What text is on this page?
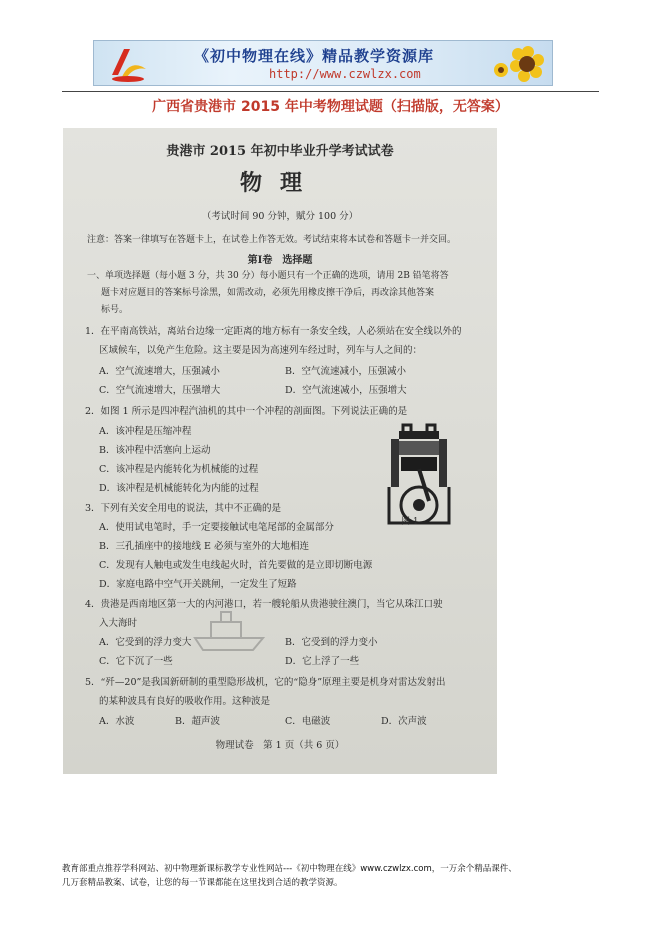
《初中物理在线》精品教学资源库
http://www.czwlzx.com
广西省贵港市 2015 年中考物理试题（扫描版，无答案）
贵港市 2015 年初中毕业升学考试试卷
物理
（考试时间 90 分钟，赋分 100 分）
注意：答案一律填写在答题卡上，在试卷上作答无效。考试结束将本试卷和答题卡一并交回。
第Ⅰ卷　选择题
一、单项选择题（每小题 3 分，共 30 分）每小题只有一个正确的选项，请用 2B 铅笔将答
题卡对应题目的答案标号涂黑，如需改动，必须先用橡皮擦干净后，再改涂其他答案
标号。
1．在平南高铁站，离站台边缘一定距离的地方标有一条安全线，人必须站在安全线以外的
区域候车，以免产生危险。这主要是因为高速列车经过时，列车与人之间的：
A．空气流速增大，压强减小	B．空气流速减小，压强减小
C．空气流速增大，压强增大	D．空气流速减小，压强增大
2．如图 1 所示是四冲程汽油机的其中一个冲程的剖面图。下列说法正确的是
A．该冲程是压缩冲程
B．该冲程中活塞向上运动
C．该冲程是内能转化为机械能的过程
D．该冲程是机械能转化为内能的过程
图 1
3．下列有关安全用电的说法，其中不正确的是
A．使用试电笔时，手一定要接触试电笔尾部的金属部分
B．三孔插座中的接地线 E 必须与室外的大地相连
C．发现有人触电或发生电线起火时，首先要做的是立即切断电源
D．家庭电路中空气开关跳闸，一定发生了短路
4．贵港是西南地区第一大的内河港口，若一艘轮船从贵港驶往澳门，当它从珠江口驶
入大海时
A．它受到的浮力变大	B．它受到的浮力变小
C．它下沉了一些	D．它上浮了一些
5．“歼—20”是我国新研制的重型隐形战机，它的“隐身”原理主要是机身对雷达发射出
的某种波具有良好的吸收作用。这种波是
A．水波	B．超声波	C．电磁波	D．次声波
物理试卷　第 1 页（共 6 页）
教育部重点推荐学科网站、初中物理新课标教学专业性网站---《初中物理在线》www.czwlzx.com，一万余个精品课件、
几万套精品教案、试卷，让您的每一节课都能在这里找到合适的教学资源。
